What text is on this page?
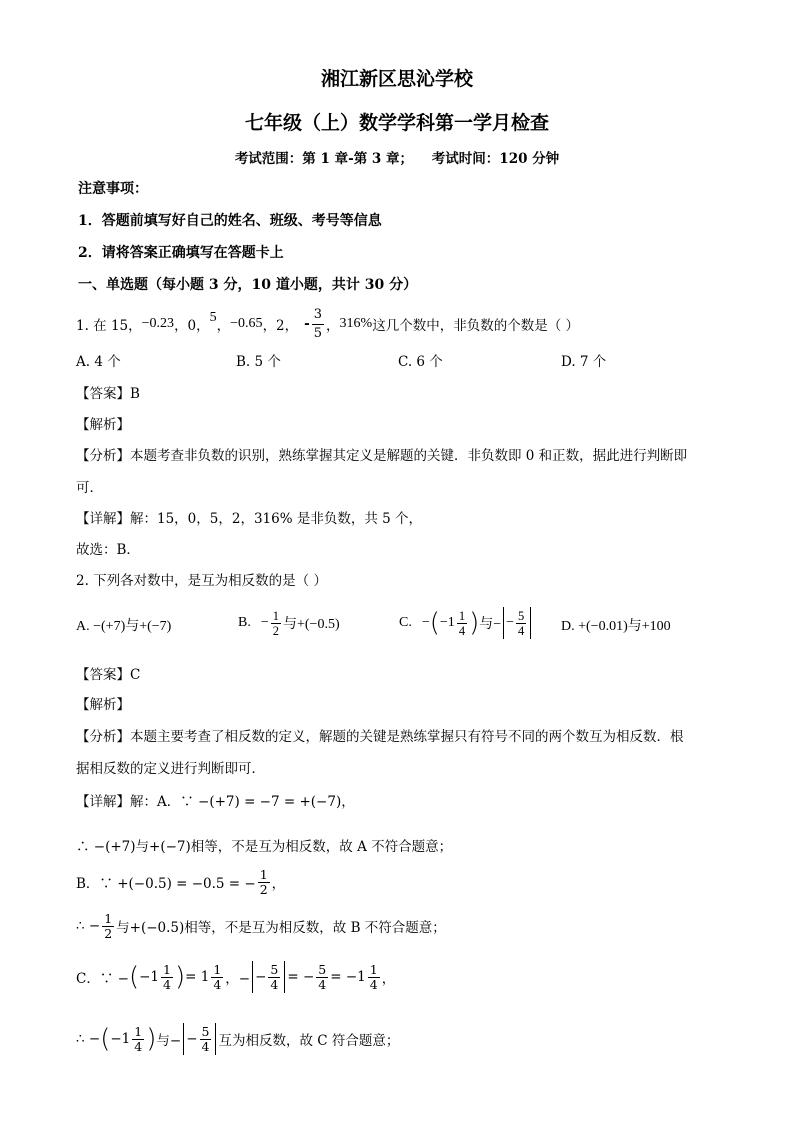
湘江新区思沁学校
七年级（上）数学学科第一学月检查
考试范围：第 1 章-第 3 章；    考试时间：120 分钟
注意事项：
1．答题前填写好自己的姓名、班级、考号等信息
2．请将答案正确填写在答题卡上
一、单选题（每小题 3 分，10 道小题，共计 30 分）
1. 在 15， −0.23 ，0，
5
， −0.65 ，2， - $\frac{3}{5}$ ， 316% 这几个数中，非负数的个数是（ ）
A. 4 个	B. 5 个	C. 6 个	D. 7 个
【答案】B
【解析】
【分析】本题考查非负数的识别，熟练掌握其定义是解题的关键．非负数即 0 和正数，据此进行判断即
可．
【详解】解：15，0，5，2，316% 是非负数，共 5 个，
故选：B．
2. 下列各对数中，是互为相反数的是（ ）
A. −(+7)与+(−7)	B. − $\frac{1}{2}$ 与+(−0.5)	C. − ( $-1 \frac{1}{4}$ ) 与− − $\frac{5}{4} D$. +(−0.01)与+100
【答案】C
【解析】
【分析】本题主要考查了相反数的定义，解题的关键是熟练掌握只有符号不同的两个数互为相反数．根
据相反数的定义进行判断即可．
【详解】解：A．∵ −(+7) = −7 = +(−7)，
∴ −(+7)与+(−7)相等，不是互为相反数，故 A 不符合题意；
B．∵ +(−0.5) = −0.5 = − $\frac{1}{2}$ ，
∴ − $\frac{1}{2}$ 与+(−0.5)相等，不是互为相反数，故 B 不符合题意；
C．∵ − ( $-1 \frac{1}{4}$ ) = $1 \frac{1}{4}$ ，− − $\frac{5}{4}$ = − $\frac{5}{4} = -1 \frac{1}{4}$ ，
∴ − ( $-1 \frac{1}{4}$ ) 与− − $\frac{5}{4}$ 互为相反数，故 C 符合题意；
